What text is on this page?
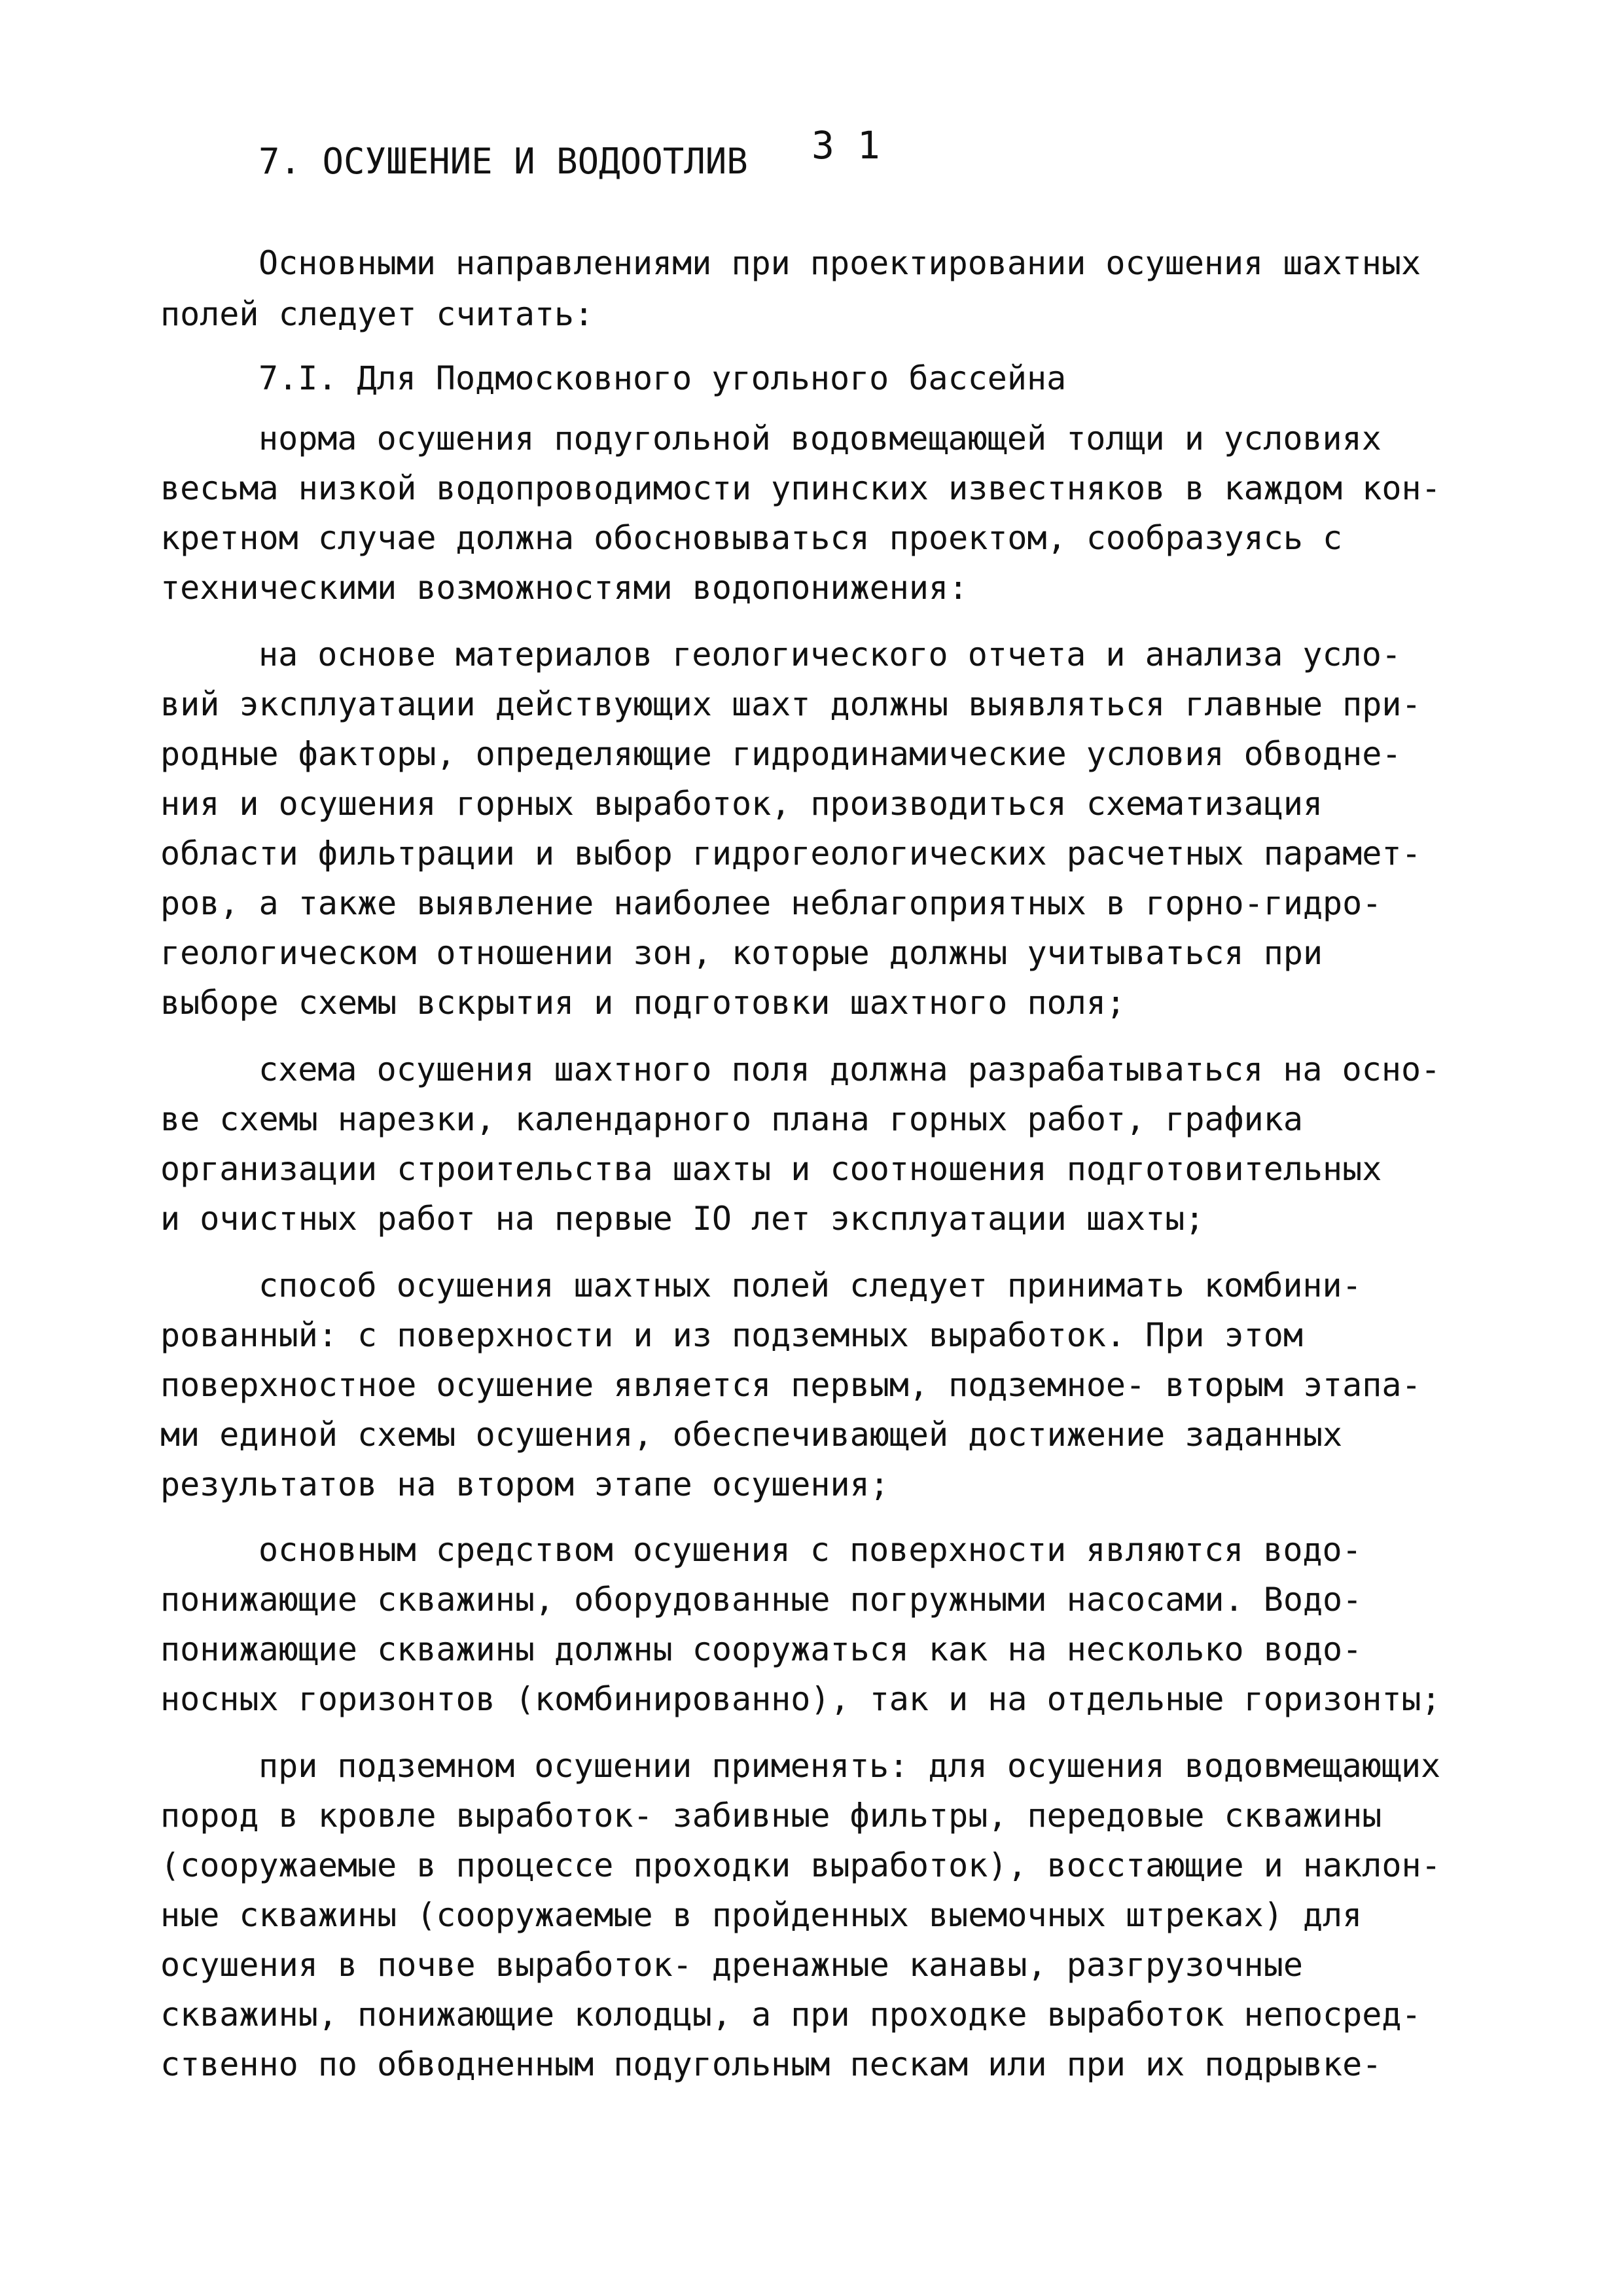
7. ОСУШЕНИЕ И ВОДООТЛИВ 3 1
Основными направлениями при проектировании осушения шахтных
полей следует считать:
7.I. Для Подмосковного угольного бассейна
норма осушения подугольной водовмещающей толщи и условиях
весьма низкой водопроводимости упинских известняков в каждом кон-
кретном случае должна обосновываться проектом, сообразуясь с
техническими возможностями водопонижения:
на основе материалов геологического отчета и анализа усло-
вий эксплуатации действующих шахт должны выявляться главные при-
родные факторы, определяющие гидродинамические условия обводне-
ния и осушения горных выработок, производиться схематизация
области фильтрации и выбор гидрогеологических расчетных парамет-
ров, а также выявление наиболее неблагоприятных в горно-гидро-
геологическом отношении зон, которые должны учитываться при
выборе схемы вскрытия и подготовки шахтного поля;
схема осушения шахтного поля должна разрабатываться на осно-
ве схемы нарезки, календарного плана горных работ, графика
организации строительства шахты и соотношения подготовительных
и очистных работ на первые IO лет эксплуатации шахты;
способ осушения шахтных полей следует принимать комбини-
рованный: с поверхности и из подземных выработок. При этом
поверхностное осушение является первым, подземное- вторым этапа-
ми единой схемы осушения, обеспечивающей достижение заданных
результатов на втором этапе осушения;
основным средством осушения с поверхности являются водо-
понижающие скважины, оборудованные погружными насосами. Водо-
понижающие скважины должны сооружаться как на несколько водо-
носных горизонтов (комбинированно), так и на отдельные горизонты;
при подземном осушении применять: для осушения водовмещающих
пород в кровле выработок- забивные фильтры, передовые скважины
(сооружаемые в процессе проходки выработок), восстающие и наклон-
ные скважины (сооружаемые в пройденных выемочных штреках) для
осушения в почве выработок- дренажные канавы, разгрузочные
скважины, понижающие колодцы, а при проходке выработок непосред-
ственно по обводненным подугольным пескам или при их подрывке-
